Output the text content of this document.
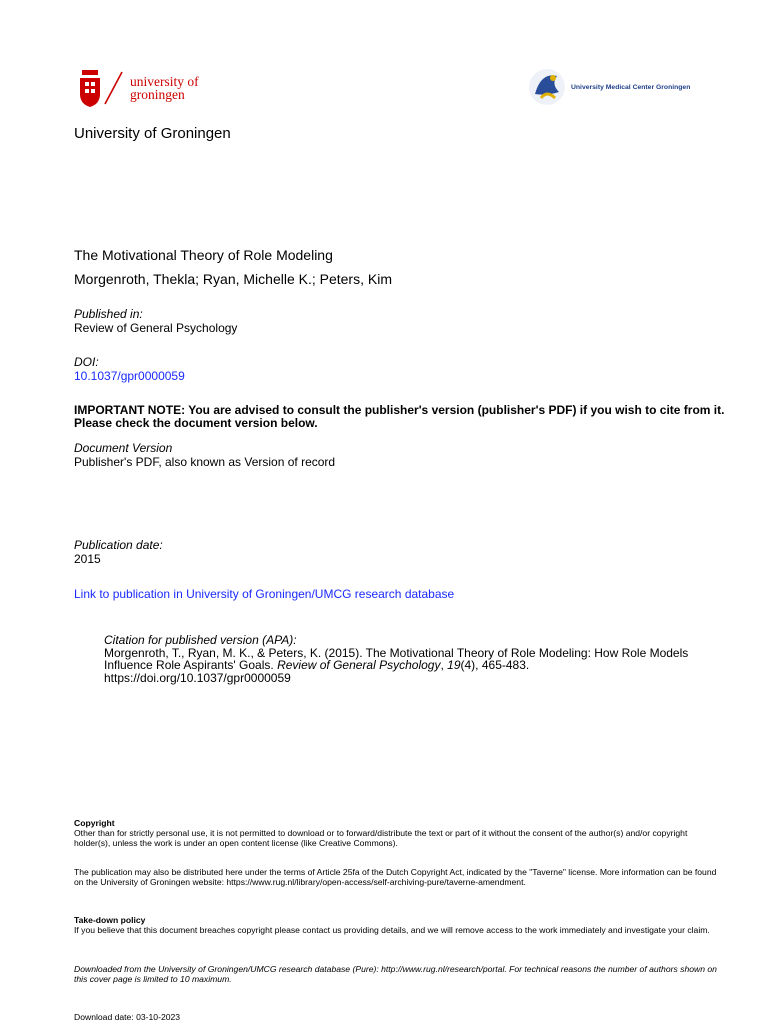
university of
groningen	University Medical Center Groningen
University of Groningen
The Motivational Theory of Role Modeling
Morgenroth, Thekla; Ryan, Michelle K.; Peters, Kim
Published in:
Review of General Psychology
DOI:
10.1037/gpr0000059
IMPORTANT NOTE: You are advised to consult the publisher's version (publisher's PDF) if you wish to cite from it. Please check the document version below.
Document Version
Publisher's PDF, also known as Version of record
Publication date:
2015
Link to publication in University of Groningen/UMCG research database
Citation for published version (APA):
Morgenroth, T., Ryan, M. K., & Peters, K. (2015). The Motivational Theory of Role Modeling: How Role Models Influence Role Aspirants' Goals. Review of General Psychology, 19(4), 465-483. https://doi.org/10.1037/gpr0000059
Copyright
Other than for strictly personal use, it is not permitted to download or to forward/distribute the text or part of it without the consent of the author(s) and/or copyright holder(s), unless the work is under an open content license (like Creative Commons).
The publication may also be distributed here under the terms of Article 25fa of the Dutch Copyright Act, indicated by the "Taverne" license. More information can be found on the University of Groningen website: https://www.rug.nl/library/open-access/self-archiving-pure/taverne-amendment.
Take-down policy
If you believe that this document breaches copyright please contact us providing details, and we will remove access to the work immediately and investigate your claim.
Downloaded from the University of Groningen/UMCG research database (Pure): http://www.rug.nl/research/portal. For technical reasons the number of authors shown on this cover page is limited to 10 maximum.
Download date: 03-10-2023
